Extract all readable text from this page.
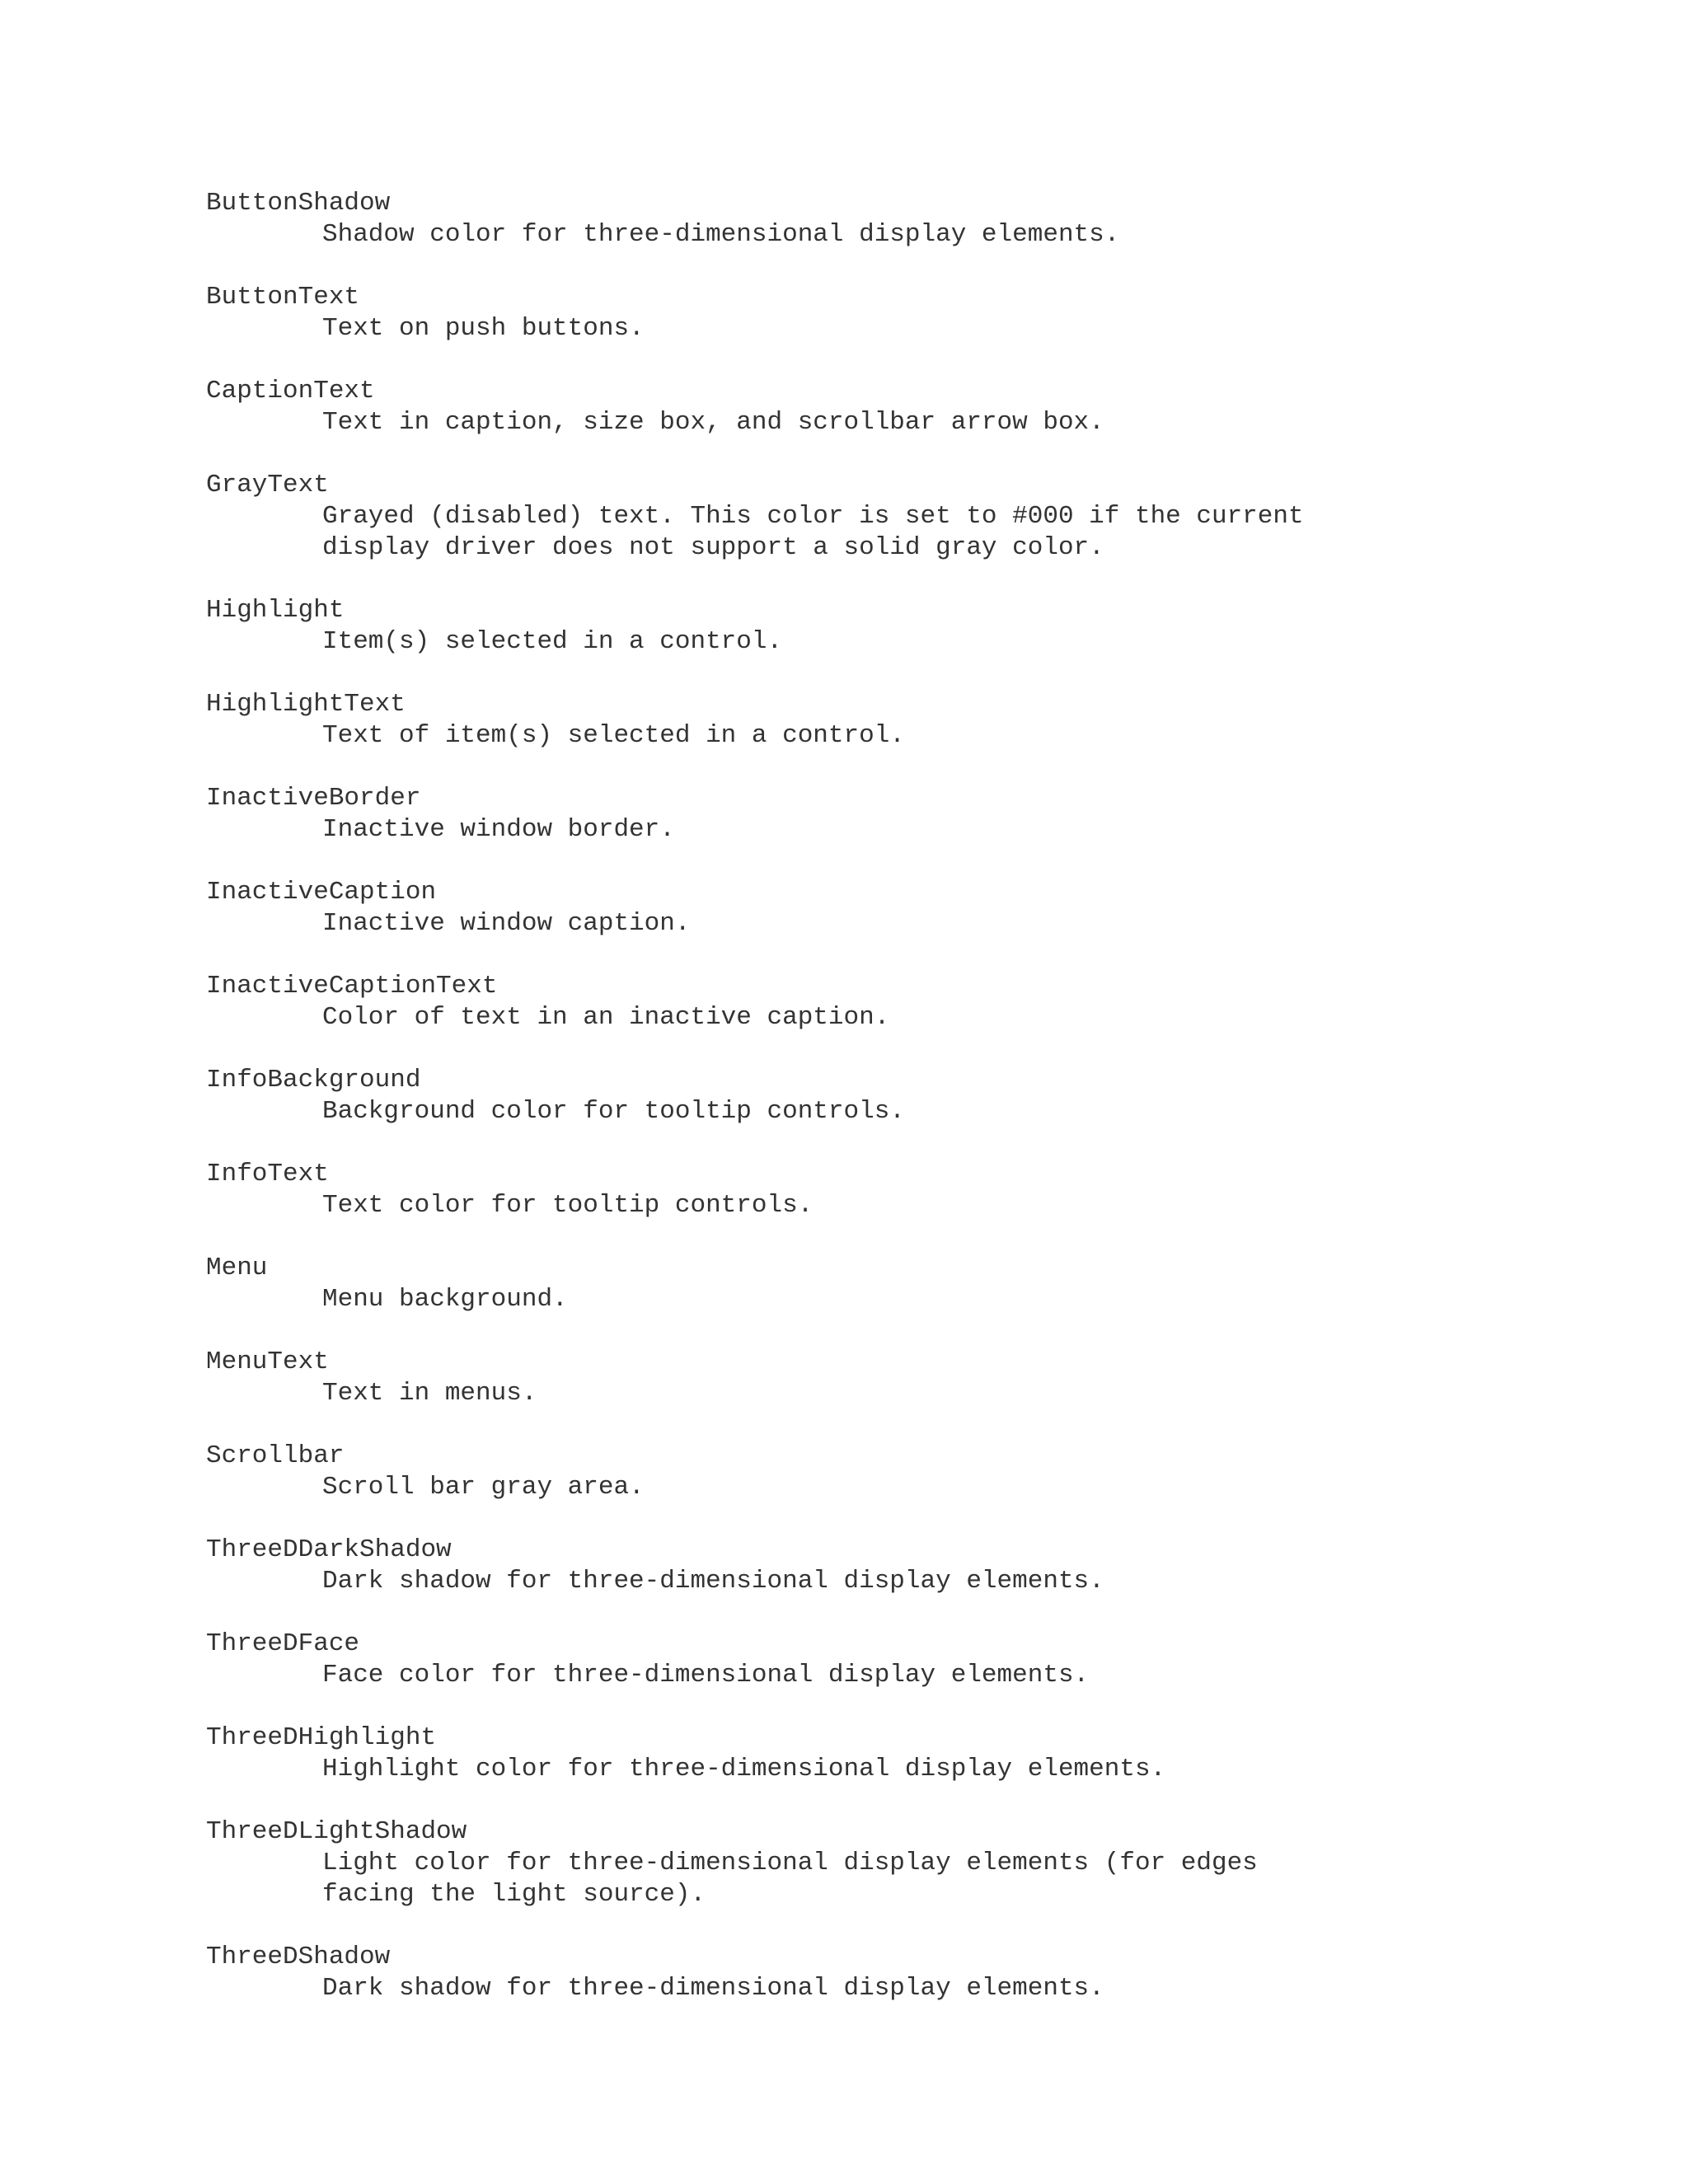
ButtonShadow
Shadow color for three-dimensional display elements.
ButtonText
Text on push buttons.
CaptionText
Text in caption, size box, and scrollbar arrow box.
GrayText
Grayed (disabled) text. This color is set to #000 if the current
display driver does not support a solid gray color.
Highlight
Item(s) selected in a control.
HighlightText
Text of item(s) selected in a control.
InactiveBorder
Inactive window border.
InactiveCaption
Inactive window caption.
InactiveCaptionText
Color of text in an inactive caption.
InfoBackground
Background color for tooltip controls.
InfoText
Text color for tooltip controls.
Menu
Menu background.
MenuText
Text in menus.
Scrollbar
Scroll bar gray area.
ThreeDDarkShadow
Dark shadow for three-dimensional display elements.
ThreeDFace
Face color for three-dimensional display elements.
ThreeDHighlight
Highlight color for three-dimensional display elements.
ThreeDLightShadow
Light color for three-dimensional display elements (for edges
facing the light source).
ThreeDShadow
Dark shadow for three-dimensional display elements.
